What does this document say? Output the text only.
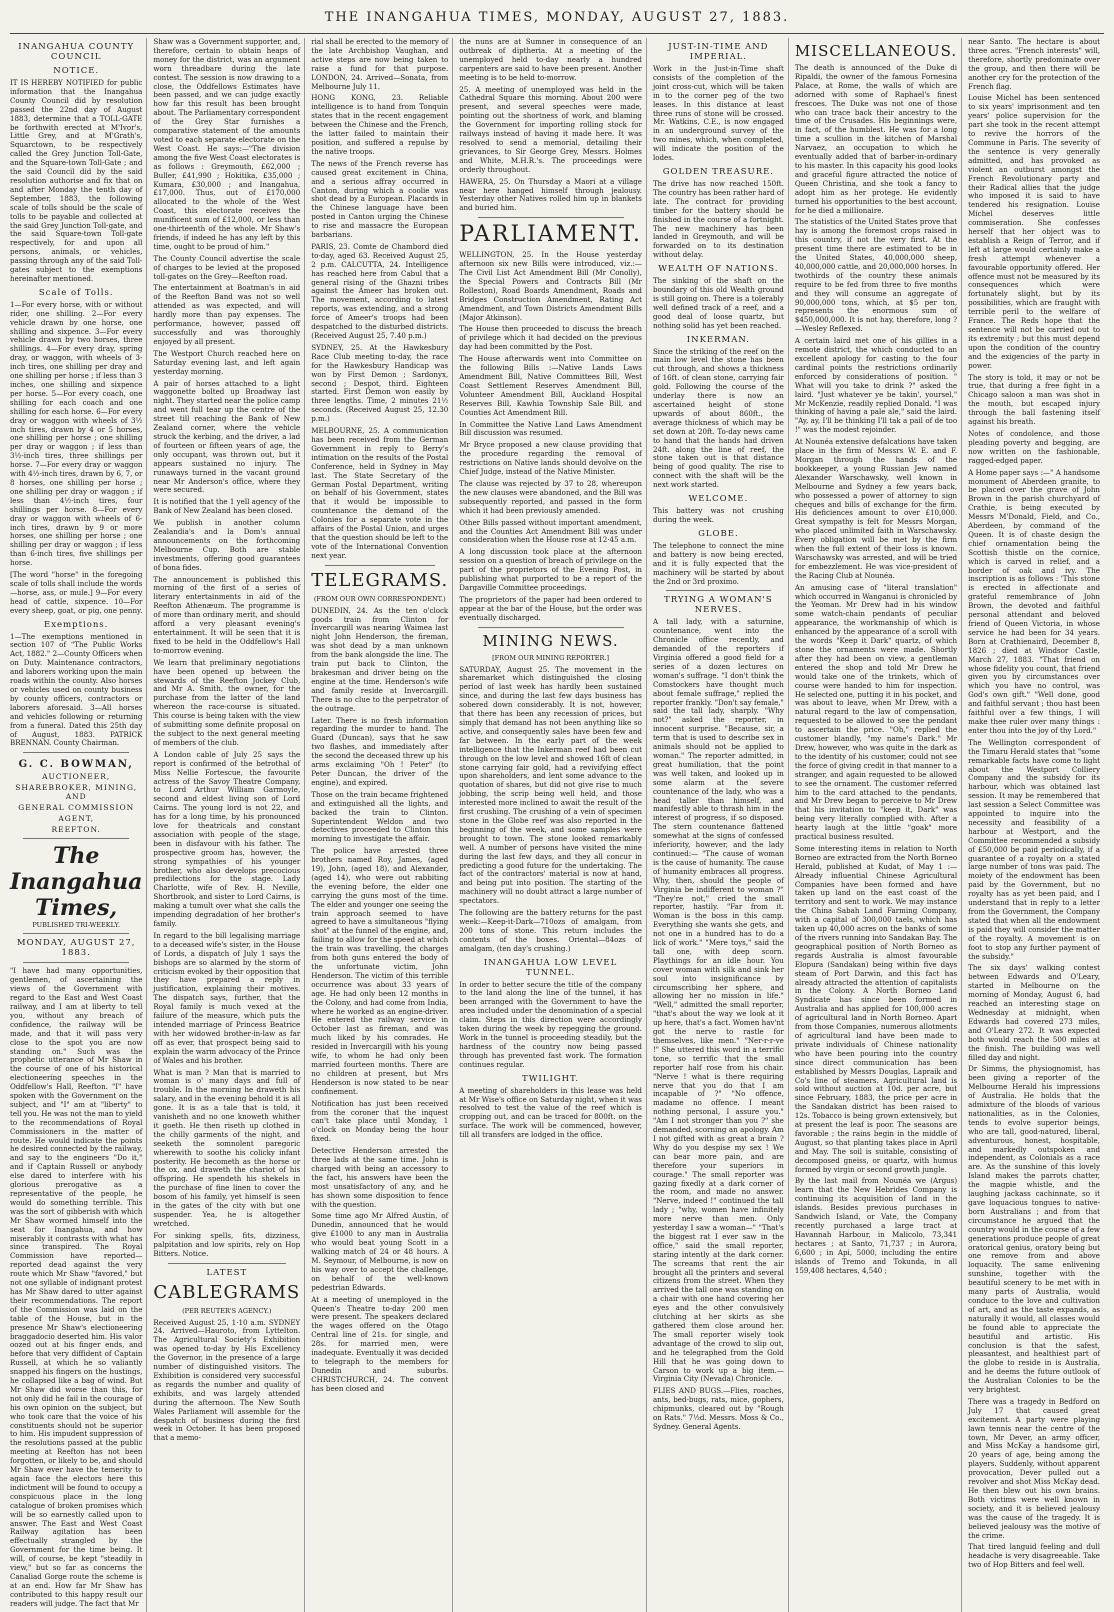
THE INANGAHUA TIMES, MONDAY, AUGUST 27, 1883.
INANGAHUA COUNTY COUNCIL
NOTICE.

IT IS HEREBY NOTIFIED for public information that the Inangahua County Council did by resolution passed the 22nd day of August 1883, determine that a TOLL-GATE be forthwith erected at M'Ivor's, Little Grey, and at M'Grath's, Squarctown, to be respectively called the Grey Junction Toll-Gate, and the Square-town Toll-Gate ; and the said Council did by the said resolution authorise and fix that on and after Monday the tenth day of September, 1883, the following scale of tolls should be the scale of tolls to be payable and collected at the said Grey Junction Toll-gate, and the said Square-town Toll-gate respectively, for and upon all persons, animals, or vehicles, passing through any of the said Toll-gates subject to the exemptions hereinafter mentioned.

Scale of Tolls.

1—For every horse, with or without rider, one shilling. 2—For every vehicle drawn by one horse, one shilling and sixpence. 3—For every vehicle drawn by two horses, three shillings. 4—For every dray, spring dray, or waggon, with wheels of 3-inch tires, one shilling per dray and one shilling per horse ; if less than 3 inches, one shilling and sixpence per horse. 5—For every coach, one shilling for each coach and one shilling for each horse. 6—For every dray or waggon with wheels of 3½ inch tires, drawn by 4 or 5 horses, one shilling per horse ; one shilling per dray or waggon ; if less than 3½-inch tires, three shillings per horse. 7—For every dray or waggon with 4½-inch tires, drawn by 6, 7, or 8 horses, one shilling per horse ; one shilling per dray or waggon ; if less than 4½-inch tires, four shillings per horse. 8—For every dray or waggon with wheels of 6-inch tires, drawn by 9 or more horses, one shilling per horse ; one shilling per dray or waggon ; if less than 6-inch tires, five shillings per horse.

[The word "horse" in the foregoing scale of tolls shall include the words—horse, ass, or mule.] 9—For every head of cattle, sixpence. 10—For every sheep, goat, or pig, one penny.

Exemptions.

1—The exemptions mentioned in section 107 of "The Public Works Act, 1882." 2—County Officers when on Duty. Maintenance contractors, and laborers working upon the main roads within the county. Also horses or vehicles used on county business by county officers, contractors or laborers aforesaid. 3—All horses and vehicles following or returning from a funeral. Dated this 25th day of August, 1883. PATRICK BRENNAN. County Chairman.

G. C. BOWMAN,
AUCTIONEER,
SHAREBROKER, MINING, AND
GENERAL COMMISSION
AGENT,
REEFTON.
The Inangahua Times,
PUBLISHED TRI-WEEKLY.
MONDAY, AUGUST 27, 1883.

"I have had many opportunities, gentlemen, of ascertaining the views of the Government with regard to the East and West Coast railway, and I am at liberty to tell you, without any breach of confidence, the railway will be made, and that it will pass very close to the spot you are now standing on." Such was the prophetic utterance of Mr Shaw in the course of one of his historical electioneering speeches in the Oddfellow's Hall, Reefton. "I" have spoken with the Government on the subject, and "I" am at "liberty" to tell you. He was not the man to yield to the recommendations of Royal Commissioners in the matter of route. He would indicate the points he desired connected by the railway, and say to the engineers "Do it," and if Captain Russell or anybody else dared to interfere with his glorious prerogative as a representative of the people, he would do something terrible. This was the sort of gibberish with which Mr Shaw wormed himself into the seat for Inangahua, and how miserably it contrasts with what has since transpired. The Royal Commission have reported—reported dead against the very route which Mr Shaw "favored," but not one syllable of indignant protest has Mr Shaw dared to utter against their recommendations. The report of the Commission was laid on the table of the House, but in the presence Mr Shaw's electioneering braggadocio deserted him. His valor oozed out at his finger ends, and before that very diffident of Captain Russell, at which he so valiantly snapped his fingers on the hustings, he collapsed like a bag of wind. But Mr Shaw did worse than this, for not only did he fail in the courage of his own opinion on the subject, but who took care that the voice of his constituents should not be superior to him. His impudent suppression of the resolutions passed at the public meeting at Reefton has not been forgotten, or likely to be, and should Mr Shaw ever have the temerity to again face the electors here this indictment will be found to occupy a conspicuous place in the long catalogue of broken promises which will be so earnestly called upon to answer. The East and West Coast Railway agitation has been effectually strangled by the Government for the time being. It will, of course, be kept "steadily in view," but so far as concerns the Canaliad Gorge route the scheme is at an end. How far Mr Shaw has contributed to this happy result our readers will judge. The fact that Mr

Shaw was a Government supporter, and, therefore, certain to obtain heaps of money for the district, was an argument worn threadbare during the late contest. The session is now drawing to a close, the Oddfellows Estimates have been passed, and we can judge exactly how far this result has been brought about. The Parliamentary correspondent of the Grey Star furnishes a comparative statement of the amounts voted to each separate electorate on the West Coast. He says:—"The division among the five West Coast electorates is as follows : Greymouth, £62,000 ; Buller, £41,990 ; Hokitika, £35,000 ; Kumara, £30,000 ; and Inangahua, £17,000. Thus, out of £170,000 allocated to the whole of the West Coast, this electorate receives the munificent sum of £12,000, or less than one-thirteenth of the whole. Mr Shaw's friends, if indeed he has any left by this time, ought to be proud of him."

The County Council advertise the scale of charges to be levied at the proposed toll-gates on the Grey—Reefton road.

The entertainment at Boatman's in aid of the Reefton Band was not so well attended as was expected, and will hardly more than pay expenses. The performance, however, passed off successfully and was thoroughly enjoyed by all present.

The Westport Church reached here on Saturday evening last, and left again yesterday morning.

A pair of horses attached to a light waggonette bolted up Broadway last night. They started near the police camp and went full tear up the centre of the street till reaching the Bank of New Zealand corner, where the vehicle struck the kerbing, and the driver, a lad of fourteen or fifteen years of age, the only occupant, was thrown out, but it appears sustained no injury. The runaways turned in the vacant ground near Mr Anderson's office, where they were secured.

It is notified that the 1 yell agency of the Bank of New Zealand has been closed.

We publish in another column Zealandia's and la Dom's annual announcements on the forthcoming Melbourne Cup. Both are stable investments, offering good guarantees of bona fides.

The announcement is published this morning of the first of a series of literary entertainments in aid of the Reefton Athenæum. The programme is of more than ordinary merit, and should afford a very pleasant evening's entertainment. It will be seen that it is fixed to be held in the Oddfellow's Hall to-morrow evening.

We learn that preliminary negotiations have been opened up between the stewards of the Reefton Jockey Club, and Mr A. Smith, the owner, for the purchase from the latter of the land whereon the race-course is situated. This course is being taken with the view of submitting some definite proposal on the subject to the next general meeting of members of the club.

A London cable of July 25 says the report is confirmed of the betrothal of Miss Nellie Fortescue, the favourite actress of the Savoy Theatre Company, to Lord Arthur William Garmoyle, second and eldest living son of Lord Cairns. The young lord is not 22, and has for a long time, by his pronounced love for theatricals and constant association with people of the stage, been in disfavour with his father. The prospective groom has, however, the strong sympathies of his younger brother, who also develops precocious predilections for the stage. Lady Charlotte, wife of Rev. H. Neville, Shortbrook, and sister to Lord Cairns, is making a tumult over what she calls the impending degradation of her brother's family.

In regard to the bill legalising marriage to a deceased wife's sister, in the House of Lords, a dispatch of July 1 says the bishops are so alarmed by the storm of criticism evoked by their opposition that they have prepared a reply in justification, explaining their motives. The dispatch says, further, that the Royal family is much vexed at the failure of the measure, which puts the intended marriage of Princess Beatrice with her widowed brother-in-law as far off as ever, that prospect being said to explain the warm advocacy of the Prince of Wales and his brother.

What is man ? Man that is married to woman is o' many days and full of trouble. In the morning he draweth his salary, and in the evening behold it is all gone. It is as a tale that is told, it vanisheth and no one knoweth whither it goeth. He then riseth up clothed in the chilly garments of the night, and seeketh the somnolent paregoric wherewith to soothe his colicky infant posterity. He becometh as the horse or the ox, and draweth the chariot of his offspring. He spendeth his shekels in the purchase of fine linen to cover the bosom of his family, yet himself is seen in the gates of the city with but one suspender. Yea, he is altogether wretched.

For sinking spells, fits, dizziness, palpitation and low spirits, rely on Hop Bitters. Notice.

LATEST
CABLEGRAMS
(PER REUTER'S AGENCY.)

Received August 25, 1·10 a.m. SYDNEY 24. Arrived—Hauroto, from Lyttelton. The Agricultural Society's Exhibition was opened to-day by His Excellency the Governor, in the presence of a large number of distinguished visitors. The Exhibition is considered very successful as regards the number and quality of exhibits, and was largely attended during the afternoon. The New South Wales Parliament will assemble for the despatch of business during the first week in October. It has been proposed that a memo-

rial shall be erected to the memory of the late Archbishop Vaughan, and active steps are now being taken to raise a fund for that purpose. LONDON, 24. Arrived—Sonata, from Melbourne July 11.

HONG KONG, 23. Reliable intelligence is to hand from Tonquin states that in the recent engagement between the Chinese and the French, the latter failed to maintain their position, and suffered a repulse by the native troops.

The news of the French reverse has caused great excitement in China, and a serious affray occurred in Canton, during which a coolie was shot dead by a European. Placards in the Chinese language have been posted in Canton urging the Chinese to rise and massacre the European barbarians.

PARIS, 23. Comte de Chambord died to-day, aged 63. Received August 25, 2 p.m. CALCUTTA, 24. Intelligence has reached here from Cabul that a general rising of the Ghazni tribes against the Ameer has broken out. The movement, according to latest reports, was extending, and a strong force of Ameer's troops had been despatched to the disturbed districts. (Received August 25, 7.40 p.m.)

SYDNEY, 25. At the Hawkesbury Race Club meeting to-day, the race for the Hawkesbury Handicap was won by First Demon ; Sardonyx, second ; Despot, third. Eighteen started. First Demon won easily by three lengths. Time, 2 minutes 21½ seconds. (Received August 25, 12.30 p.m.)

MELBOURNE, 25. A communication has been received from the German Government in reply to Berry's intimation on the results of the Postal Conference, held in Sydney in May last. The State Secretary of the German Postal Department, writing on behalf of his Government, states that it would be impossible to countenance the demand of the Colonies for a separate vote in the affairs of the Postal Union, and urges that the question should be left to the vote of the International Convention next year.

TELEGRAMS.
(FROM OUR OWN CORRESPONDENT.)

DUNEDIN, 24. As the ten o'clock goods train from Clinton for Invercargill was nearing Waimea last night John Henderson, the fireman, was shot dead by a man unknown from the bank alongside the line. The train put back to Clinton, the brakesman and driver being on the engine at the time. Henderson's wife and family reside at Invercargill. There is no clue to the perpetrator of the outrage.

Later. There is no fresh information regarding the murder to hand. The Guard (Duncan), says that he saw two flashes, and immediately after the second the deceased threw up his arms exclaiming "Oh ! Peter" (to Peter Duncan, the driver of the engine), and expired.

Those on the train became frightened and extinguished all the lights, and backed the train to Clinton. Superintendent Weldon and two detectives proceeded to Clinton this morning to investigate the affair.

The police have arrested three brothers named Roy, James, (aged 19), John, (aged 18), and Alexander, (aged 14), who were out rabbiting the evening before, the elder one carrying the guns most of the time. The elder and younger one seeing the train approach seemed to have agreed to have a simultaneous "flying shot" at the funnel of the engine, and, failing to allow for the speed at which the train was travelling, the charges from both guns entered the body of the unfortunate victim, John Henderson. The victim of this terrible occurrence was about 33 years of age. He had only been 12 months in the Colony, and had come from India, where he worked as an engine-driver. He entered the railway service in October last as fireman, and was much liked by his comrades. He resided in Invercargill with his young wife, to whom he had only been married fourteen months. There are no children at present, but Mrs Henderson is now stated to be near confinement.

Notification has just been received from the coroner that the inquest can't take place until Monday, 1 o'clock on Monday being the hour fixed.

Detective Henderson arrested the three lads at the same time. John is charged with being an accessory to the fact, his answers have been the most unsatisfactory of any, and he has shown some disposition to fence with the question.

Some time ago Mr Alfred Austin, of Dunedin, announced that he would give £1000 to any man in Australia who would beat young Scott in a walking match of 24 or 48 hours. A M. Seymour, of Melbourne, is now on his way over to accept the challenge, on behalf of the well-known pedestrian Edwards.

At a meeting of unemployed in the Queen's Theatre to-day 200 men were present. The speakers declared the wages offered on the Otago Central line of 21s. for single, and 28s. for married men, were inadequate. Eventually it was decided to telegraph to the members for Dunedin and suburbs. CHRISTCHURCH, 24. The convent has been closed and

the nuns are at Sumner in consequence of an outbreak of diptheria. At a meeting of the unemployed held to-day nearly a hundred carpenters are said to have been present. Another meeting is to be held to-morrow.

25. A meeting of unemployed was held in the Cathedral Square this morning. About 200 were present, and several speeches were made, pointing out the shortness of work, and blaming the Government for importing rolling stock for railways instead of having it made here. It was resolved to send a memorial, detailing their grievances, to Sir George Grey, Messrs. Holmes and White, M.H.R.'s. The proceedings were orderly throughout.

HAWERA, 25. On Thursday a Maori at a village near here hanged himself through jealousy. Yesterday other Natives rolled him up in blankets and buried him.

PARLIAMENT.

WELLINGTON, 25. In the House yesterday afternoon six new Bills were introduced, viz.:—The Civil List Act Amendment Bill (Mr Conolly), the Special Powers and Contracts Bill (Mr Rolleston), Road Boards Amendment, Roads and Bridges Construction Amendment, Rating Act Amendment, and Town Districts Amendment Bills (Major Atkinson).

The House then proceeded to discuss the breach of privilege which it had decided on the previous day had been committed by the Post.

The House afterwards went into Committee on the following Bills :—Native Lands Laws Amendment Bill, Native Committees Bill, West Coast Settlement Reserves Amendment Bill, Volunteer Amendment Bill, Auckland Hospital Reserves Bill, Kawhia Township Sale Bill, and Counties Act Amendment Bill.

In Committee the Native Land Laws Amendment Bill discussion was resumed.

Mr Bryce proposed a new clause providing that the procedure regarding the removal of restrictions on Native lands should devolve on the Chief Judge, instead of the Native Minister.

The clause was rejected by 37 to 28, whereupon the new clauses were abandoned, and the Bill was subsequently reported, and passed in the form which it had been previously amended.

Other Bills passed without important amendment, and the Counties Act Amendment Bill was under consideration when the House rose at 12·45 a.m.

A long discussion took place at the afternoon session on a question of breach of privilege on the part of the proprietors of the Evening Post, in publishing what purported to be a report of the Dargaville Committee proceedings.

The proprietors of the paper had been ordered to appear at the bar of the House, but the order was eventually discharged.

MINING NEWS.
[FROM OUR MINING REPORTER.]

SATURDAY, August 25. The movement in the sharemarket which distinguished the closing period of last week has hardly been sustained since, and during the last few days business has sobered down considerably. It is not, however, that there has been any recession of prices, but simply that demand has not been anything like so active, and consequently sales have been few and far between. In the early part of the week intelligence that the Inkerman reef had been cut through on the low level and showed 16ft of clean stone carrying fair gold, had a revivifying effect upon shareholders, and lent some advance to the quotation of shares, but did not give rise to much jobbing, the scrip being well held, and those interested more inclined to await the result of the first crushing. The crushing of a vein of specimen stone in the Globe reef was also reported in the beginning of the week, and some samples were brought to town. The stone looked remarkably well. A number of persons have visited the mine during the last few days, and they all concur in predicting a good future for the undertaking. The fact of the contractors' material is now at hand, and being put into position. The starting of the machinery will no doubt attract a large number of spectators.

The following are the battery returns for the past week:—Keep-it-Dark—710ozs of amalgam, from 200 tons of stone. This return includes the contents of the boxes. Oriental—84ozs of amalgam, (ten day's crushing.)

INANGAHUA LOW LEVEL TUNNEL.

In order to better secure the title of the company to the land along the line of the tunnel, it has been arranged with the Government to have the area included under the denomination of a special claim. Steps in this direction were accordingly taken during the week by repegging the ground. Work in the tunnel is proceeding steadily, but the hardness of the country now being passed through has prevented fast work. The formation continues regular.

TWILIGHT.

A meeting of shareholders in this lease was held at Mr Wise's office on Saturday night, when it was resolved to test the value of the reef which is cropping out, and can be traced for 800ft. on the surface. The work will be commenced, however, till all transfers are lodged in the office.

JUST-IN-TIME AND IMPERIAL.

Work in the Just-in-Time shaft consists of the completion of the joint cross-cut, which will be taken in to the corner peg of the two leases. In this distance at least three runs of stone will be crossed. Mr. Watkins, C.E., is now engaged in an underground survey of the two mines, which, when completed, will indicate the position of the lodes.

GOLDEN TREASURE.

The drive has now reached 150ft. The country has been rather hard of late. The contract for providing timber for the battery should be finished in the course of a fortnight. The new machinery has been landed in Greymouth, and will be forwarded on to its destination without delay.

WEALTH OF NATIONS.

The sinking of the shaft on the boundary of this old Wealth ground is still going on. There is a tolerably well defined track of a reef, and a good deal of loose quartz, but nothing solid has yet been reached.

INKERMAN.

Since the striking of the reef on the main low level the stone has been cut through, and shows a thickness of 16ft. of clean stone, carrying fair gold. Following the course of the underlay there is now an ascertained height of stone upwards of about 860ft., the average thickness of which may be set down at 20ft. To-day news came to hand that the hands had driven 24ft. along the line of reef, the stone taken out is that distance being of good quality. The rise to connect with the shaft will be the next work started.

WELCOME.

This battery was not crushing during the week.

GLOBE.

The telephone to connect the mine and battery is now being erected, and it is fully expected that the machinery will be started by about the 2nd or 3rd proximo.

TRYING A WOMAN'S NERVES.

A tall lady, with a saturnine, countenance, went into the Chronicle office recently, and demanded of the reporters if Virginia offered a good field for a series of a dozen lectures on woman's suffrage. "I don't think the Comstockers have thought much about female suffrage," replied the reporter frankly. "Don't say female," said the tall lady, sharply. "Why not?" asked the reporter, in innocent surprise. "Because, sir, a term that is used to describe sex in animals should not be applied to woman." The reporter admitted, in great humiliation, that the point was well taken, and looked up in some alarm at the severe countenance of the lady, who was a head taller than himself, and manifestly able to thrash him in the interest of progress, if so disposed. The stern countenance flattened somewhat at the signs of confessed inferiority, however, and the lady continued:— "The cause of woman is the cause of humanity. The cause of humanity embraces all progress. Why, then, should the people of Virginia be indifferent to woman ?" "They're not," cried the small reporter, hastily. "Far from it. Woman is the boss in this camp. Everything she wants she gets, and not one in a hundred has to do a lick of work." "Mere toys," said the tall one, with deep scorn. Playthings for an idle hour. You cover woman with silk and sink her soul into insignificance by circumscribing her sphere, and allowing her no mission in life." "Well," admitted the small reporter, "that's about the way we look at it up here, that's a fact. Women hav'nt got the nerve to rastle for themselves, like men." "Ner-r-r-ve !" She uttered this word in a terrific tone, so terrific that the small reporter half rose from his chair. "Nerve ! what is there requiring nerve that you do that I am incapable of ?" "No offence, madame no offence. I meant nothing personal, I assure you." "Am I not stronger than you ?" she demanded, scorning an apology. Am I not gifted with as great a brain ? Why do you despise my sex ! We can bear more pain, and are therefore your superiors in courage." The small reporter was gazing fixedly at a dark corner of the room, and made no answer. "Nerve, indeed !" continued the tall lady ; "why, women have infinitely more nerve than men. Only yesterday I saw a woman—" "That's the biggest rat I ever saw in the office," said the small reporter, staring intently at the dark corner. The screams that rent the air brought all the printers and several citizens from the street. When they arrived the tall one was standing on a chair with one hand covering her eyes and the other convulsively clutching at her skirts as she gathered them close around her. The small reporter wisely took advantage of the crowd to slip out, and he telegraphed from the Gold Hill that he was going down to Carson to work up a big item.—Virginia City (Nevada) Chronicle.

FLIES AND BUGS.—Flies, roaches, ants, bed-bugs, rats, mice, gophers, chipmunks, cleared out by "Rough on Rats." 7½d. Messrs. Moss & Co., Sydney. General Agents.

MISCELLANEOUS.

The death is announced of the Duke di Ripaldi, the owner of the famous Fornesina Palace, at Rome, the walls of which are adorned with some of Raphael's finest frescoes. The Duke was not one of those who can trace back their ancestry to the time of the Crusades. His beginnings were, in fact, of the humblest. He was for a long time a scullion in the kitchen of Marshal Narvaez, an occupation to which he eventually added that of barber-in-ordinary to his master. In this capacity his good looks and graceful figure attracted the notice of Queen Christina, and she took a fancy to adopt him as her protege. He evidently turned his opportunities to the best account, for he died a millionaire.

The statistics of the United States prove that hay is among the foremost crops raised in this country, if not the very first. At the present time there are estimated to be in the United States, 40,000,000 sheep, 40,000,000 cattle, and 20,000,000 horses. In twothirds of the country these animals require to be fed from three to five months and they will consume an aggregate of 90,000,000 tons, which, at $5 per ton, represents the enormous sum of $450,000,000. It is not hay, therefore, long ?—Wesley Reflexed.

A certain laird met one of his gillies in a remote district, the which conducted to an excellent apology for casting to the four cardinal points the restrictions ordinarily enforced by considerations of position. " What will you take to drink ?" asked the laird. "Just whatever ye be takin', yoursel," Mr McKenzie, readily replied Donald. "I was thinking of having a pale ale," said the laird. "Ay, ay, I'll be thinking I'll tak a pail of de too !" was the modest rejoinder.

At Nounéa extensive defalcations have taken place in the firm of Messrs W. E. and F. Morgan through the hands of the bookkeeper, a young Russian Jew named Alexander Warschawsky, well known in Melbourne and Sydney a few years back, who possessed a power of attorney to sign cheques and bills of exchange for the firm. His deficiences amount to over £10,000. Great sympathy is felt for Messrs Morgan, who placed unlimited faith in Warschawsky. Every obligation will be met by the firm when the full extent of their loss is known. Warschawsky was arrested, and will be tried for embezzlement. He was vice-president of the Racing Club at Nounéa.

An amusing case of "literal translation" which occurred in Wanganui is chronicled by the Yeoman. Mr Drew had in his window some watch-chain pendants of peculiar appearance, the workmanship of which is enhanced by the appearance of a scroll with the words "Keep it Dark" quartz, of which stone the ornaments were made. Shortly after they had been on view, a gentleman entered the shop and told Mr Drew he would take one of the trinkets, which of course were handed to him for inspection. He selected one, putting it in his pocket, and was about to leave, when Mr Drew, with a natural regard to the law of compensation, requested to be allowed to see the pendant to ascertain the price. "Oh," replied the customer blandly, "my name's Dark." Mr Drew, however, who was quite in the dark as to the identity of his customer, could not see the force of giving credit in that manner to a stranger, and again requested to be allowed to see the ornament. The customer referred him to the card attached to the pendants, and Mr Drew began to perceive to Mr Drew that his invitation to "keep it, Dark" was being very literally complied with. After a hearty laugh at the little "goak" more practical business resulted.

Some interesting items in relation to North Borneo are extracted from the North Borneo Herald, published at Kudat, of May 1 :—Already influential Chinese Agricultural Companies have been formed and have taken up land on the east coast of the territory and sent to work. We may instance the China Sabah Land Farming Company, with a capital of 300,000 taels, which has taken up 40,000 acres on the banks of some of the rivers running into Sandakan Bay. The geographical position of North Borneo as regards Australia is almost favourable Elopura (Sandakan) being within five days steam of Port Darwin, and this fact has already attracted the attention of capitalists in the Colony. A North Borneo Land Syndicate has since been formed in Australia and has applied for 100,000 acres of agricultural land in North Borneo. Apart from those Companies, numerous allotments of agricultural land have been made to private individuals of Chinese nationality who have been pouring into the country since direct communication has been established by Messrs Douglas, Lapraik and Co's line of steamers. Agricultural land is sold without auction at 10d. per acre, but since February, 1883, the price per acre in the Sandakan district has been raised to 12s. Tobacco is being grown extensively, but at present the leaf is poor. The seasons are favorable ; the rains begin in the middle of August, so that planting takes place in April and May. The soil is suitable, consisting of decomposed gneiss, or quartz, with humus formed by virgin or second growth jungle.

By the last mail from Nounéa we (Argus) learn that the New Hebrides Company is continuing its acquisition of land in the islands. Besides previous purchases in Sandwich Island, or Vate, the Company recently purchased a large tract at Havannah Harbour, in Malicolo, 73,341 hectares ; at Santo, 71,737 ; in Aurora, 6,600 ; in Api, 5000, including the entire islands of Tremo and Tokunda, in all 159,408 hectares, 4,540 ;

near Santo. The hectare is about three acres. "French interests" will, therefore, shortly predominate over the group, and then there will be another cry for the protection of the French flag.

Louise Michel has been sentenced to six years' imprisonment and ten years' police supervision for the part she took in the recent attempt to revive the horrors of the Commune in Paris. The severity of the sentence is very generally admitted, and has provoked as violent an outburst amongst the French Revolutionary party and their Radical allies that the judge who imposed it is said to have tendered his resignation. Louise Michel deserves little commiseration. She confesses herself that her object was to establish a Reign of Terror, and if left at large would certainly make a fresh attempt whenever a favourable opportunity offered. Her offence must not be measured by its consequences which were fortunately slight, but by its possibilities, which are fraught with terrible peril to the welfare of France. The Reds hope that the sentence will not be carried out to its extremity ; but this must depend upon the condition of the country and the exigencies of the party in power.

The story is told, it may or not be true, that during a free fight in a Chicago saloon a man was shot in the mouth, but escaped injury through the ball fastening itself against his breath.

Notes of condolence, and those pleading poverty and begging, are now written on the fashionable, ragged-edged paper.

A Home paper says :—" A handsome monument of Aberdeen granite, to be placed over the grave of John Brown in the parish churchyard of Crathie, is being executed by Messrs M'Donald, Field, and Co., Aberdeen, by command of the Queen. It is of chaste design the chief ornamentation being the Scottish thistle on the cornice, which is carved in relief, and a border of oak and ivy. The inscription is as follows : 'This stone is erected in affectionate and grateful remembrance of John Brown, the devoted and faithful personal attendant and beloved friend of Queen Victoria, in whose service he had been for 34 years. Born at Crathienaird, December 8, 1826 ; died at Windsor Castle, March 27, 1883. "That friend on whose fidelity you count, that friend given you by circumstances over which you have no control, was God's own gift." "Well done, good and faithful servant ; thou hast been faithful over a few things, I will make thee ruler over many things : enter thou into the joy of thy Lord."

The Wellington correspondent of the Timaru Herald states that "some remarkable facts have come to light about the Westport Colliery Company and the subsidy for its harbour, which was obtained last session. It may be remembered that last session a Select Committee was appointed to inquire into the necessity and feasibility of a harbour at Westport, and the Committee recommended a subsidy of £50,000 be paid periodically, if a guarantee of a royalty on a stated large number of tons was paid. The moiety of the endowment has been paid by the Government, but no royalty has as yet been paid, and I understand that in reply to a letter from the Government, the Company stated that when all the endowment is paid they will consider the matter of the royalty. A movement is on foot to stop any further payment of the subsidy."

The six days' walking contest between Edwards and O'Leary, started in Melbourne on the morning of Monday, August 6, had reached an interesting stage on Wednesday at midnight, when Edwards had covered 273 miles, and O'Leary 272. It was expected both would reach the 500 miles at the finish. The building was well filled day and night.

Dr Simms, the physiognomist, has been giving a reporter of the Melbourne Herald his impressions of Australia. He holds that the admixture of the bloods of various nationalities, as in the Colonies, tends to evolve superior beings, who are tall, good-natured, liberal, adventurous, honest, hospitable, and markedly outspoken and independent, as Colonials as a race are. As the sunshine of this lovely Island makes the parrots chatter, the magpie whistle, and the laughing jackass cachinnate, so it gave loquacious tongues to native-born Australians ; and from that circumstance he argued that the country would in the course of a few generations produce people of great oratorical genius, oratory being but one remove from and above loquacity. The same enlivening sunshine, together with the beautiful scenery to be met with in many parts of Australia, would conduce to the love and cultivation of art, and as the taste expands, as naturally it would, all classes would be found able to appreciate the beautiful and artistic. His conclusion is that the safest, pleasantest, and healthiest part of the globe to reside in is Australia, and he deems the future outlook of the Australian Colonies to be the very brightest.

There was a tragedy in Bedford on July 17 that caused great excitement. A party were playing lawn tennis near the centre of the town, Mr Dever, an army officer, and Miss McKay a handsome girl, 20 years of age, being among the players. Suddenly, without apparent provocation, Dever pulled out a revolver and shot Miss McKay dead. He then blew out his own brains. Both victims were well known in society, and it is believed jealousy was the cause of the tragedy. It is believed jealousy was the motive of the crime.

That tired languid feeling and dull headache is very disagreeable. Take two of Hop Bitters and feel well.
